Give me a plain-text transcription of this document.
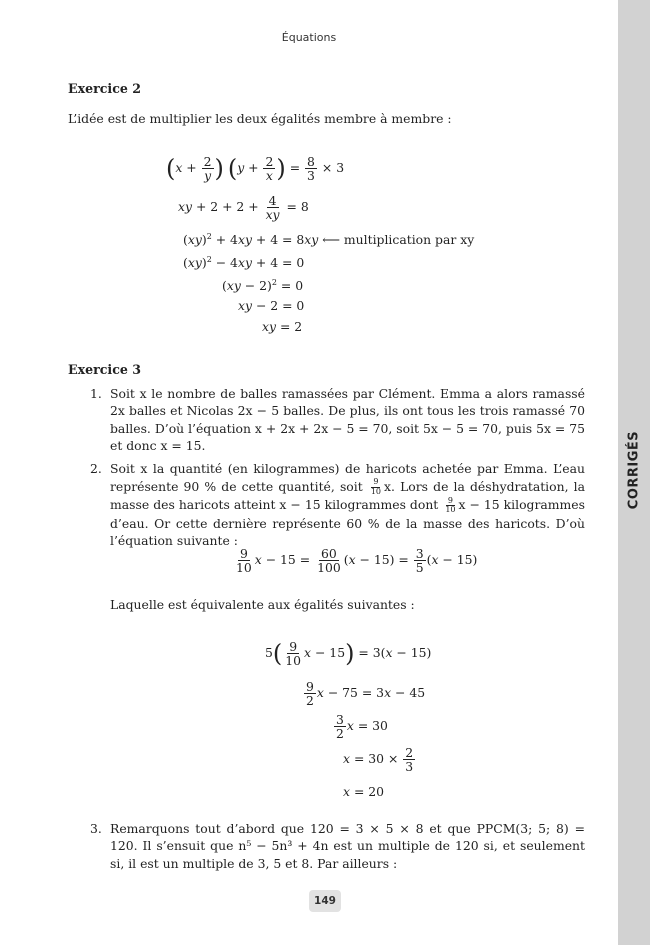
Équations
CORRIGÉS
Exercice 2

L’idée est de multiplier les deux égalités membre à membre :

($x + \frac{2}{y}$ ) ($y + \frac{2}{x}$ ) = $\frac{8}{3} \times 3$
xy + $2 + 2 + \frac{4}{xy} = 8$
(xy)$^2$ + 4xy + 4 = 8xy ⟵ multiplication par xy
(xy)$^2$ − 4xy + 4 = 0
(xy − 2)$^2$ = 0
xy − 2 = 0
xy = 2
Exercice 3
1. Soit x le nombre de balles ramassées par Clément. Emma a alors ramassé 2x balles et Nicolas 2x − 5 balles. De plus, ils ont tous les trois ramassé 70 balles. D’où l’équation x + 2x + 2x − 5 = 70, soit 5x − 5 = 70, puis 5x = 75 et donc x = 15.
2. Soit x la quantité (en kilogrammes) de haricots achetée par Emma. L’eau représente 90 % de cette quantité, soit $\frac{9}{10} x$. Lors de la déshydratation, la masse des haricots atteint x − 15 kilogrammes dont $\frac{9}{10}$ x − 15 kilogrammes d’eau. Or cette dernière représente 60 % de la masse des haricots. D’où l’équation suivante :
$\frac{9}{10}$ $x - 15 = \frac{60}{100} (x - 15) = \frac{3}{5} (x - 15)$

Laquelle est équivalente aux égalités suivantes :

$5( \frac{9}{10}$ x − 15) = 3(x − 15)
$\frac{9}{2}$ x − 75 = 3x − 45
$\frac{3}{2}$ x = 30
$x = 30 \times \frac{2}{3}$
x = 20
3. Remarquons tout d’abord que 120 = 3 × 5 × 8 et que PPCM(3; 5; 8) = 120. Il s’ensuit que n⁵ − 5n³ + 4n est un multiple de 120 si, et seulement si, il est un multiple de 3, 5 et 8. Par ailleurs :
149
